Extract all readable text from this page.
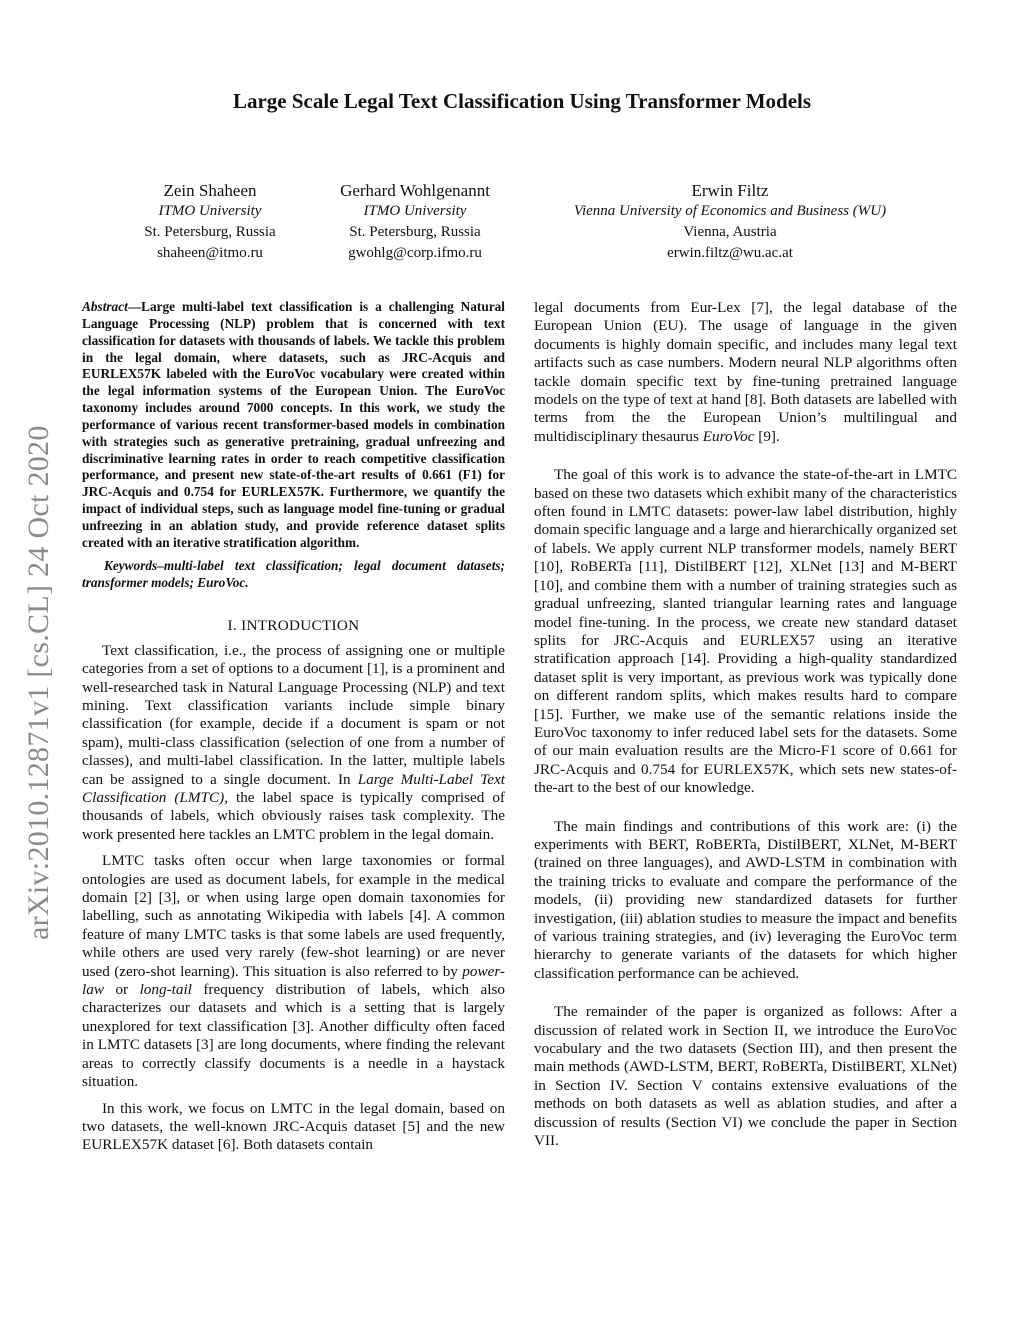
arXiv:2010.12871v1 [cs.CL] 24 Oct 2020
Large Scale Legal Text Classification Using Transformer Models
Zein Shaheen
ITMO University
St. Petersburg, Russia
shaheen@itmo.ru
Gerhard Wohlgenannt
ITMO University
St. Petersburg, Russia
gwohlg@corp.ifmo.ru
Erwin Filtz
Vienna University of Economics and Business (WU)
Vienna, Austria
erwin.filtz@wu.ac.at

Abstract—Large multi-label text classification is a challenging Natural Language Processing (NLP) problem that is concerned with text classification for datasets with thousands of labels. We tackle this problem in the legal domain, where datasets, such as JRC-Acquis and EURLEX57K labeled with the EuroVoc vocabulary were created within the legal information systems of the European Union. The EuroVoc taxonomy includes around 7000 concepts. In this work, we study the performance of various recent transformer-based models in combination with strategies such as generative pretraining, gradual unfreezing and discriminative learning rates in order to reach competitive classification performance, and present new state-of-the-art results of 0.661 (F1) for JRC-Acquis and 0.754 for EURLEX57K. Furthermore, we quantify the impact of individual steps, such as language model fine-tuning or gradual unfreezing in an ablation study, and provide reference dataset splits created with an iterative stratification algorithm.

Keywords–multi-label text classification; legal document datasets; transformer models; EuroVoc.

I. INTRODUCTION

Text classification, i.e., the process of assigning one or multiple categories from a set of options to a document [1], is a prominent and well-researched task in Natural Language Processing (NLP) and text mining. Text classification variants include simple binary classification (for example, decide if a document is spam or not spam), multi-class classification (selection of one from a number of classes), and multi-label classification. In the latter, multiple labels can be assigned to a single document. In Large Multi-Label Text Classification (LMTC), the label space is typically comprised of thousands of labels, which obviously raises task complexity. The work presented here tackles an LMTC problem in the legal domain.

LMTC tasks often occur when large taxonomies or formal ontologies are used as document labels, for example in the medical domain [2] [3], or when using large open domain taxonomies for labelling, such as annotating Wikipedia with labels [4]. A common feature of many LMTC tasks is that some labels are used frequently, while others are used very rarely (few-shot learning) or are never used (zero-shot learning). This situation is also referred to by power-law or long-tail frequency distribution of labels, which also characterizes our datasets and which is a setting that is largely unexplored for text classification [3]. Another difficulty often faced in LMTC datasets [3] are long documents, where finding the relevant areas to correctly classify documents is a needle in a haystack situation.

In this work, we focus on LMTC in the legal domain, based on two datasets, the well-known JRC-Acquis dataset [5] and the new EURLEX57K dataset [6]. Both datasets contain

legal documents from Eur-Lex [7], the legal database of the European Union (EU). The usage of language in the given documents is highly domain specific, and includes many legal text artifacts such as case numbers. Modern neural NLP algorithms often tackle domain specific text by fine-tuning pretrained language models on the type of text at hand [8]. Both datasets are labelled with terms from the the European Union’s multilingual and multidisciplinary thesaurus EuroVoc [9].

The goal of this work is to advance the state-of-the-art in LMTC based on these two datasets which exhibit many of the characteristics often found in LMTC datasets: power-law label distribution, highly domain specific language and a large and hierarchically organized set of labels. We apply current NLP transformer models, namely BERT [10], RoBERTa [11], DistilBERT [12], XLNet [13] and M-BERT [10], and combine them with a number of training strategies such as gradual unfreezing, slanted triangular learning rates and language model fine-tuning. In the process, we create new standard dataset splits for JRC-Acquis and EURLEX57 using an iterative stratification approach [14]. Providing a high-quality standardized dataset split is very important, as previous work was typically done on different random splits, which makes results hard to compare [15]. Further, we make use of the semantic relations inside the EuroVoc taxonomy to infer reduced label sets for the datasets. Some of our main evaluation results are the Micro-F1 score of 0.661 for JRC-Acquis and 0.754 for EURLEX57K, which sets new states-of-the-art to the best of our knowledge.

The main findings and contributions of this work are: (i) the experiments with BERT, RoBERTa, DistilBERT, XLNet, M-BERT (trained on three languages), and AWD-LSTM in combination with the training tricks to evaluate and compare the performance of the models, (ii) providing new standardized datasets for further investigation, (iii) ablation studies to measure the impact and benefits of various training strategies, and (iv) leveraging the EuroVoc term hierarchy to generate variants of the datasets for which higher classification performance can be achieved.

The remainder of the paper is organized as follows: After a discussion of related work in Section II, we introduce the EuroVoc vocabulary and the two datasets (Section III), and then present the main methods (AWD-LSTM, BERT, RoBERTa, DistilBERT, XLNet) in Section IV. Section V contains extensive evaluations of the methods on both datasets as well as ablation studies, and after a discussion of results (Section VI) we conclude the paper in Section VII.
